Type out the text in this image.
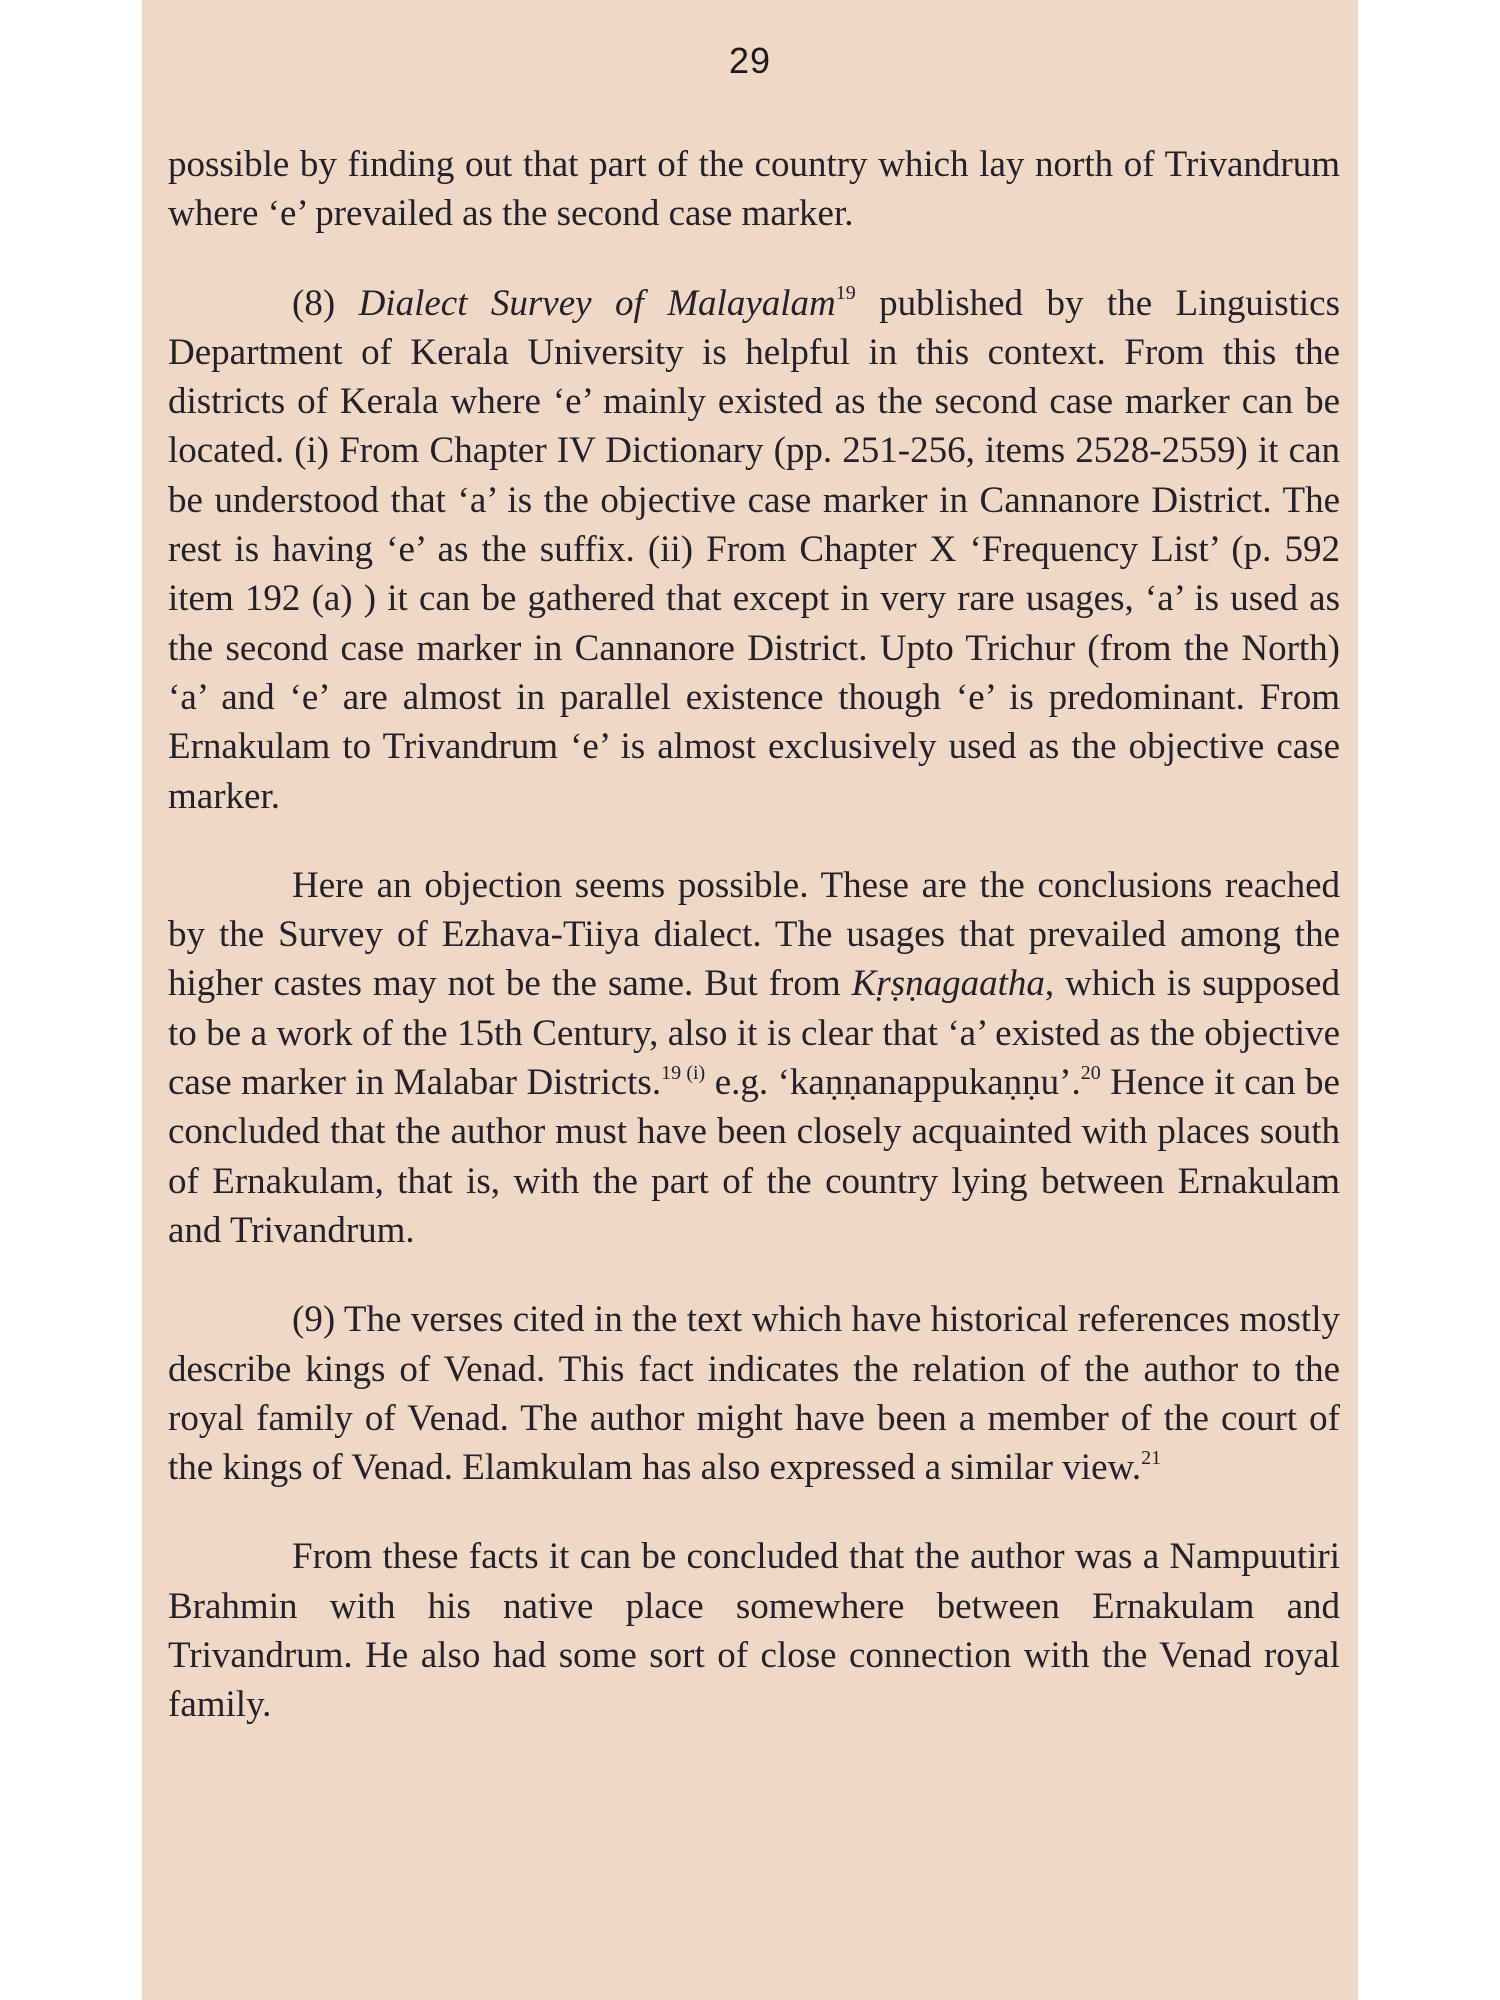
29

possible by finding out that part of the country which lay north of Trivandrum where ‘e’ prevailed as the second case marker.

(8) Dialect Survey of Malayalam$^{19}$ published by the Linguistics Department of Kerala University is helpful in this context. From this the districts of Kerala where ‘e’ mainly existed as the second case marker can be located. (i) From Chapter IV Dictionary (pp. 251-256, items 2528-2559) it can be understood that ‘a’ is the objective case marker in Cannanore District. The rest is having ‘e’ as the suffix. (ii) From Chapter X ‘Frequency List’ (p. 592 item 192 (a) ) it can be gathered that except in very rare usages, ‘a’ is used as the second case marker in Cannanore District. Upto Trichur (from the North) ‘a’ and ‘e’ are almost in parallel existence though ‘e’ is predominant. From Ernakulam to Trivandrum ‘e’ is almost exclusively used as the objective case marker.

Here an objection seems possible. These are the conclusions reached by the Survey of Ezhava-Tiiya dialect. The usages that prevailed among the higher castes may not be the same. But from Kṛṣṇagaatha, which is supposed to be a work of the 15th Century, also it is clear that ‘a’ existed as the objective case marker in Malabar Districts.$^{19 (i)}$ e.g. ‘kaṇṇanappukaṇṇu’.$^{20}$ Hence it can be concluded that the author must have been closely acquainted with places south of Ernakulam, that is, with the part of the country lying between Ernakulam and Trivandrum.

(9) The verses cited in the text which have historical references mostly describe kings of Venad. This fact indicates the relation of the author to the royal family of Venad. The author might have been a member of the court of the kings of Venad. Elamkulam has also expressed a similar view.$^{21}$

From these facts it can be concluded that the author was a Nampuutiri Brahmin with his native place somewhere between Ernakulam and Trivandrum. He also had some sort of close connection with the Venad royal family.
